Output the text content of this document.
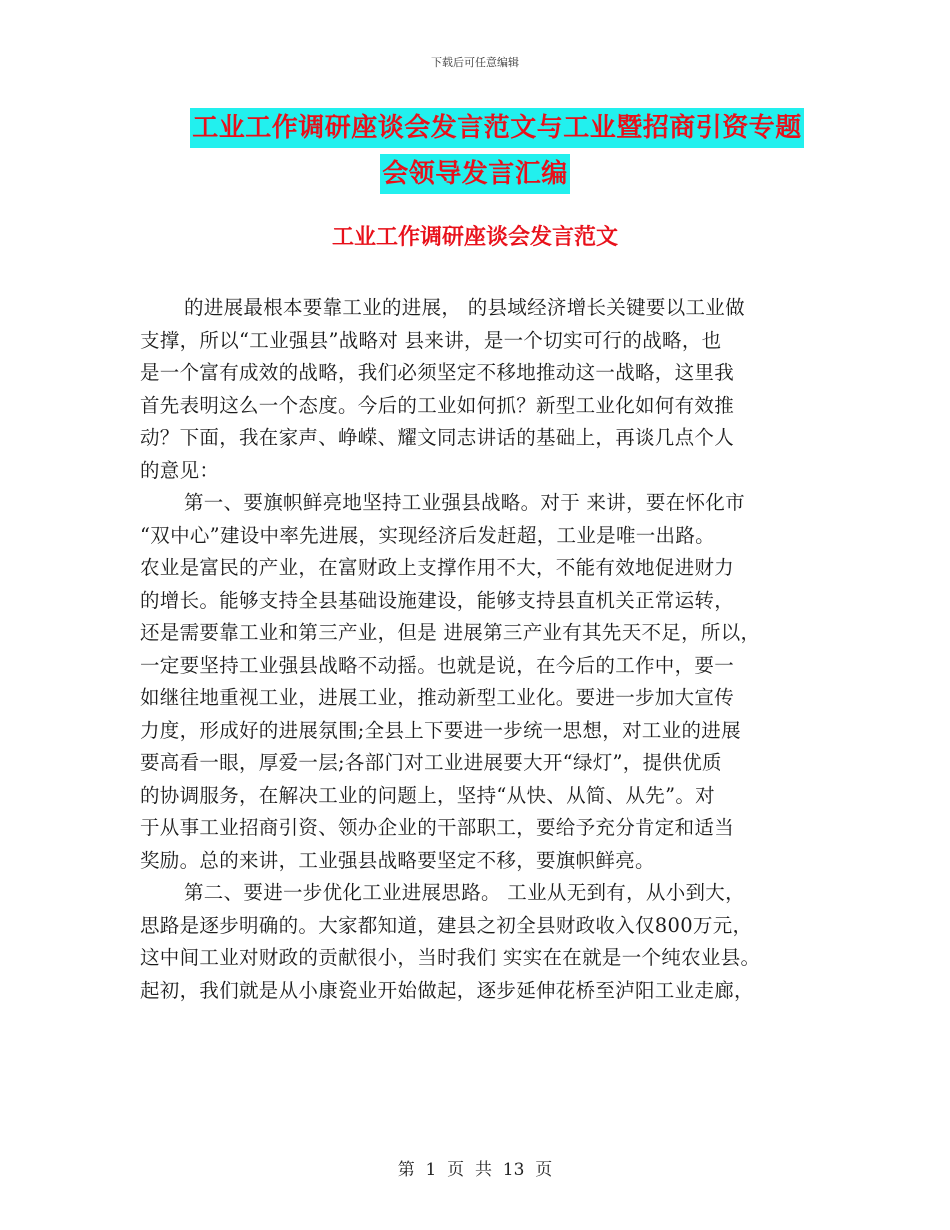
下载后可任意编辑
工业工作调研座谈会发言范文与工业暨招商引资专题
会领导发言汇编
工业工作调研座谈会发言范文
的进展最根本要靠工业的进展， 的县域经济增长关键要以工业做
支撑，所以“工业强县”战略对 县来讲，是一个切实可行的战略，也
是一个富有成效的战略，我们必须坚定不移地推动这一战略，这里我
首先表明这么一个态度。今后的工业如何抓？新型工业化如何有效推
动？下面，我在家声、峥嵘、耀文同志讲话的基础上，再谈几点个人
的意见：
第一、要旗帜鲜亮地坚持工业强县战略。对于 来讲，要在怀化市
“双中心”建设中率先进展，实现经济后发赶超，工业是唯一出路。
农业是富民的产业，在富财政上支撑作用不大，不能有效地促进财力
的增长。能够支持全县基础设施建设，能够支持县直机关正常运转，
还是需要靠工业和第三产业，但是 进展第三产业有其先天不足，所以，
一定要坚持工业强县战略不动摇。也就是说，在今后的工作中，要一
如继往地重视工业，进展工业，推动新型工业化。要进一步加大宣传
力度，形成好的进展氛围;全县上下要进一步统一思想，对工业的进展
要高看一眼，厚爱一层;各部门对工业进展要大开“绿灯”，提供优质
的协调服务，在解决工业的问题上，坚持“从快、从简、从先”。对
于从事工业招商引资、领办企业的干部职工，要给予充分肯定和适当
奖励。总的来讲，工业强县战略要坚定不移，要旗帜鲜亮。
第二、要进一步优化工业进展思路。 工业从无到有，从小到大，
思路是逐步明确的。大家都知道，建县之初全县财政收入仅800万元，
这中间工业对财政的贡献很小，当时我们 实实在在就是一个纯农业县。
起初，我们就是从小康瓷业开始做起，逐步延伸花桥至泸阳工业走廊，
第  1  页  共  13  页
